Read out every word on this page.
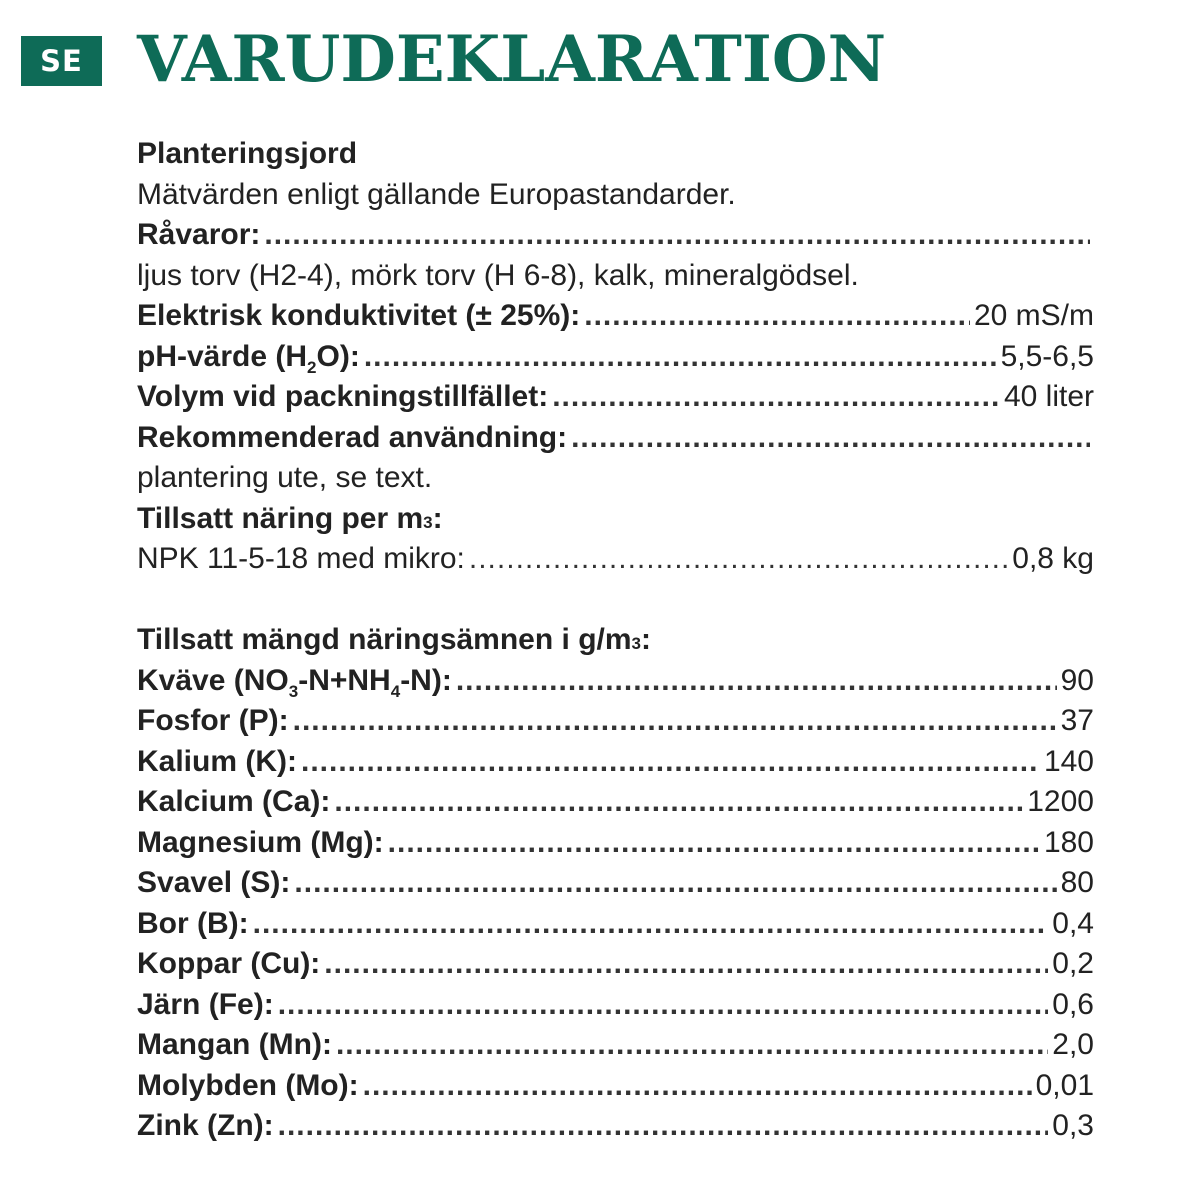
SE VARUDEKLARATION
Planteringsjord
Mätvärden enligt gällande Europastandarder.
Råvaror:
.....
ljus torv (H2-4), mörk torv (H 6-8), kalk, mineralgödsel.
Elektrisk konduktivitet (± 25%): .....	20 mS/m
pH-värde $(H_2O)$: .....	5,5-6,5
Volym vid packningstillfället: .....	40 liter
Rekommenderad användning:
.....
plantering ute, se text.
Tillsatt näring per m 3 :
NPK 11-5-18 med mikro: .....	0,8 kg
Tillsatt mängd näringsämnen i g/m 3 :
Kväve $(NO_3-N+NH_4-N)$: .....	90
Fosfor (P): .....	37
Kalium (K): .....	140
Kalcium (Ca): .....	1200
Magnesium (Mg): .....	180
Svavel (S): .....	80
Bor (B): .....	0,4
Koppar (Cu): .....	0,2
Järn (Fe): .....	0,6
Mangan (Mn): .....	2,0
Molybden (Mo): .....	0,01
Zink (Zn): .....	0,3
